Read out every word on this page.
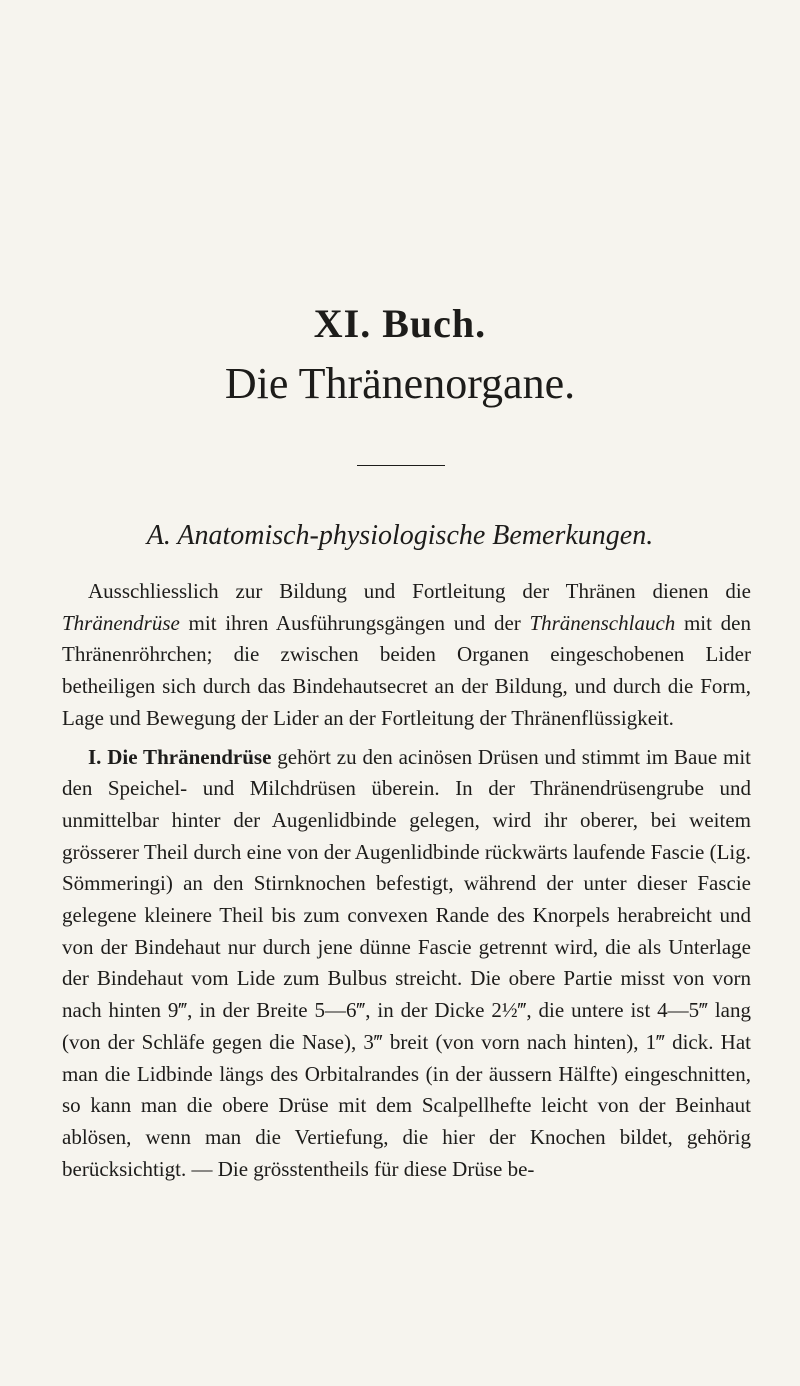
XI. Buch.
Die Thränenorgane.
A. Anatomisch-physiologische Bemerkungen.

Ausschliesslich zur Bildung und Fortleitung der Thränen dienen die Thränendrüse mit ihren Ausführungsgängen und der Thränenschlauch mit den Thränenröhrchen; die zwischen beiden Organen eingeschobenen Lider betheiligen sich durch das Bindehautsecret an der Bildung, und durch die Form, Lage und Bewegung der Lider an der Fortleitung der Thränenflüssigkeit.

I. Die Thränendrüse gehört zu den acinösen Drüsen und stimmt im Baue mit den Speichel- und Milchdrüsen überein. In der Thränendrüsengrube und unmittelbar hinter der Augenlidbinde gelegen, wird ihr oberer, bei weitem grösserer Theil durch eine von der Augenlidbinde rückwärts laufende Fascie (Lig. Sömmeringi) an den Stirnknochen befestigt, während der unter dieser Fascie gelegene kleinere Theil bis zum convexen Rande des Knorpels herabreicht und von der Bindehaut nur durch jene dünne Fascie getrennt wird, die als Unterlage der Bindehaut vom Lide zum Bulbus streicht. Die obere Partie misst von vorn nach hinten 9‴, in der Breite 5—6‴, in der Dicke 2½‴, die untere ist 4—5‴ lang (von der Schläfe gegen die Nase), 3‴ breit (von vorn nach hinten), 1‴ dick. Hat man die Lidbinde längs des Orbitalrandes (in der äussern Hälfte) eingeschnitten, so kann man die obere Drüse mit dem Scalpellhefte leicht von der Beinhaut ablösen, wenn man die Vertiefung, die hier der Knochen bildet, gehörig berücksichtigt. — Die grösstentheils für diese Drüse be-
